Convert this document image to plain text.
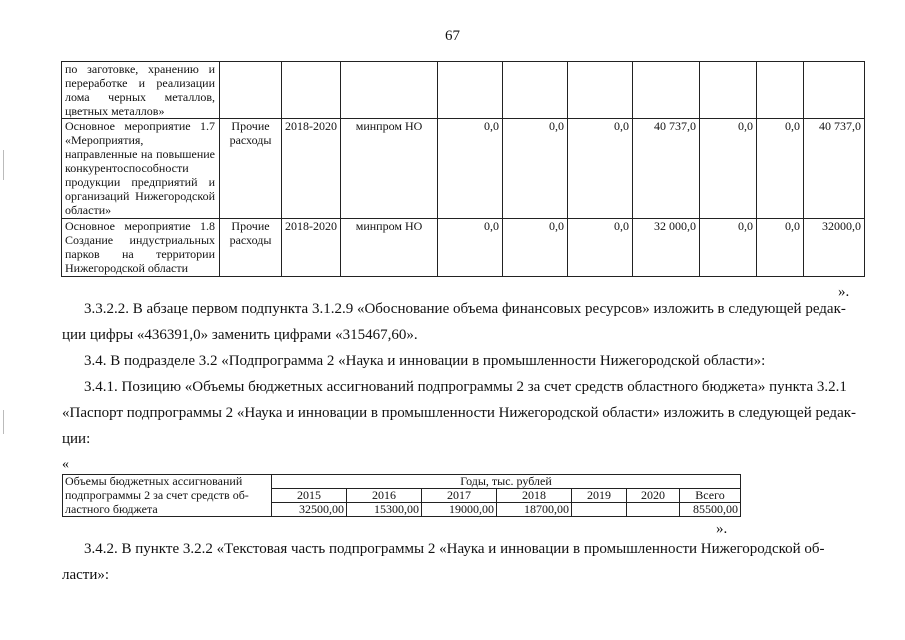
67
по заготовке, хранению и переработке и реализации лома черных металлов, цветных металлов»										
Основное мероприятие 1.7 «Мероприятия, направленные на повышение конкурентоспособности продукции предприятий и организаций Нижегородской области»	Прочие расходы	2018-2020	минпром НО	0,0	0,0	0,0	40 737,0	0,0	0,0	40 737,0
Основное мероприятие 1.8 Создание индустриальных парков на территории Нижегородской области	Прочие расходы	2018-2020	минпром НО	0,0	0,0	0,0	32 000,0	0,0	0,0	32000,0
».
3.3.2.2. В абзаце первом подпункта 3.1.2.9 «Обоснование объема финансовых ресурсов» изложить в следующей редак-
ции цифры «436391,0» заменить цифрами «315467,60».
3.4. В подразделе 3.2 «Подпрограмма 2 «Наука и инновации в промышленности Нижегородской области»:
3.4.1. Позицию «Объемы бюджетных ассигнований подпрограммы 2 за счет средств областного бюджета» пункта 3.2.1
«Паспорт подпрограммы 2 «Наука и инновации в промышленности Нижегородской области» изложить в следующей редак-
ции:
«
Объемы бюджетных ассигнований	Годы, тыс. рублей						
подпрограммы 2 за счет средств об-	2015	2016	2017	2018	2019	2020	Всего
ластного бюджета	32500,00	15300,00	19000,00	18700,00			85500,00
».
3.4.2. В пункте 3.2.2 «Текстовая часть подпрограммы 2 «Наука и инновации в промышленности Нижегородской об-
ласти»:
